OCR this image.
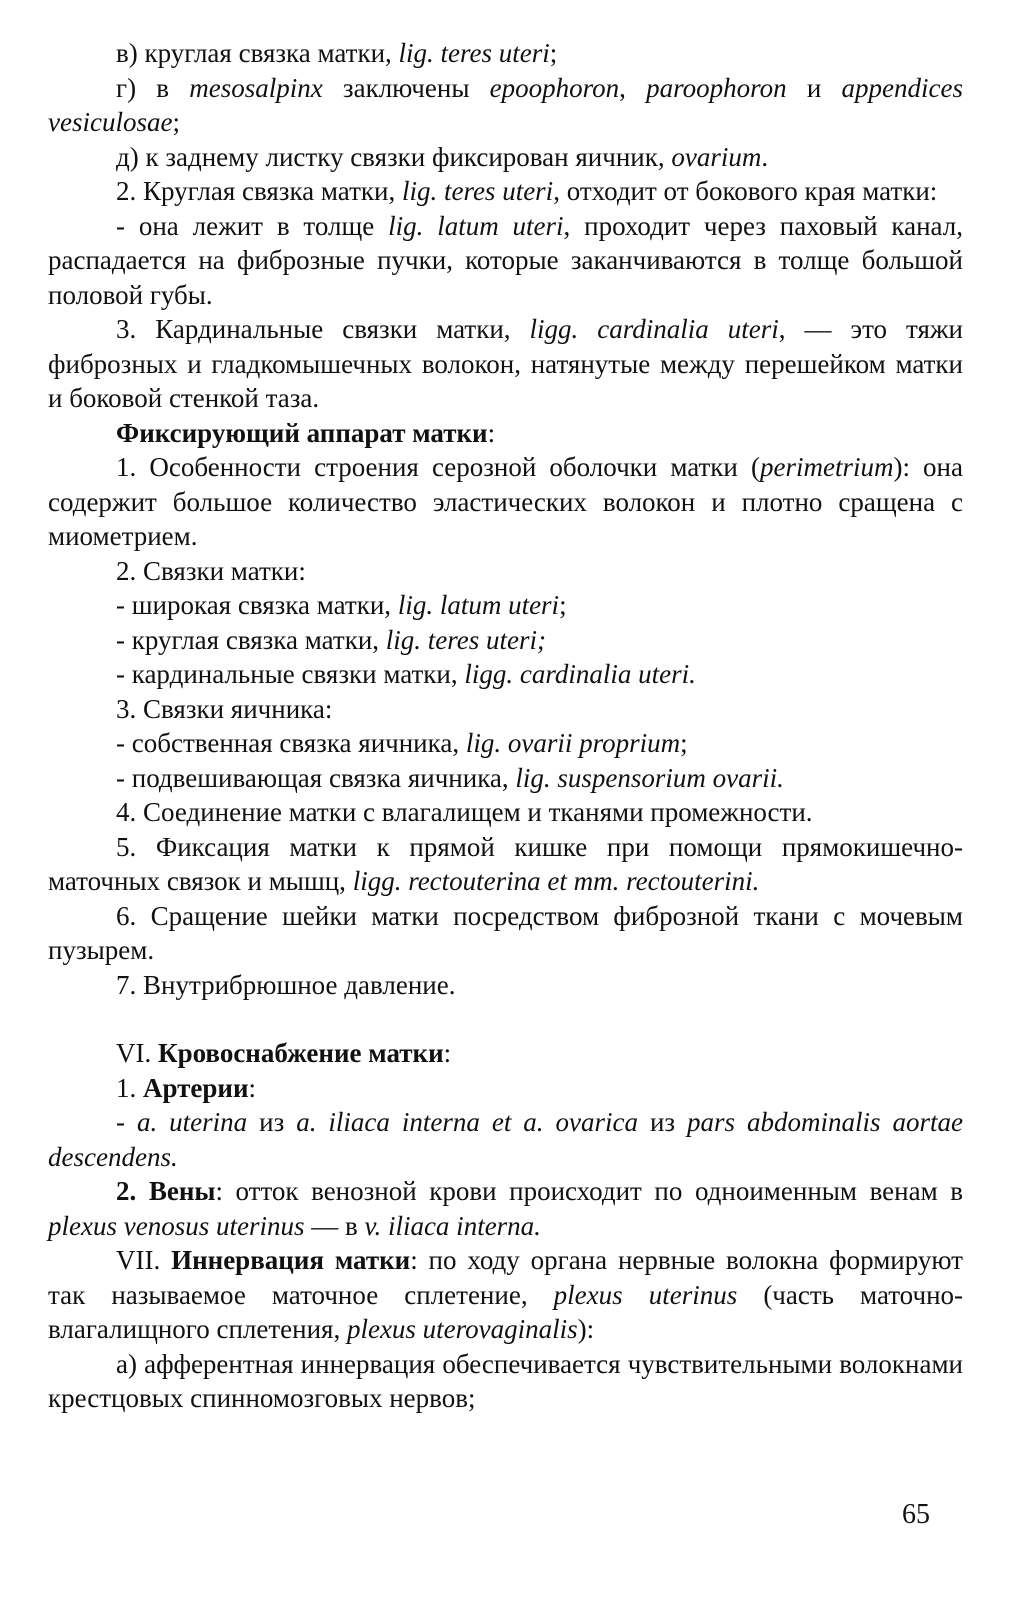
в) круглая связка матки, lig. teres uteri;

г) в mesosalpinx заключены epoophoron, paroophoron и appendices vesiculosae;

д) к заднему листку связки фиксирован яичник, ovarium.

2. Круглая связка матки, lig. teres uteri, отходит от бокового края матки:

- она лежит в толще lig. latum uteri, проходит через паховый канал, распадается на фиброзные пучки, которые заканчиваются в толще большой половой губы.

3. Кардинальные связки матки, ligg. cardinalia uteri, — это тяжи фиброзных и гладкомышечных волокон, натянутые между перешейком матки и боковой стенкой таза.

Фиксирующий аппарат матки:

1. Особенности строения серозной оболочки матки (perimetrium): она содержит большое количество эластических волокон и плотно сращена с миометрием.

2. Связки матки:

- широкая связка матки, lig. latum uteri;

- круглая связка матки, lig. teres uteri;

- кардинальные связки матки, ligg. cardinalia uteri.

3. Связки яичника:

- собственная связка яичника, lig. ovarii proprium;

- подвешивающая связка яичника, lig. suspensorium ovarii.

4. Соединение матки с влагалищем и тканями промежности.

5. Фиксация матки к прямой кишке при помощи прямокишечно-маточных связок и мышц, ligg. rectouterina et mm. rectouterini.

6. Сращение шейки матки посредством фиброзной ткани с мочевым пузырем.

7. Внутрибрюшное давление.

VI. Кровоснабжение матки:

1. Артерии:

- a. uterina из a. iliaca interna et a. ovarica из pars abdominalis aortae descendens.

2. Вены: отток венозной крови происходит по одноименным венам в plexus venosus uterinus — в v. iliaca interna.

VII. Иннервация матки: по ходу органа нервные волокна формируют так называемое маточное сплетение, plexus uterinus (часть маточно-влагалищного сплетения, plexus uterovaginalis):

а) афферентная иннервация обеспечивается чувствительными волокнами крестцовых спинномозговых нервов;

65
